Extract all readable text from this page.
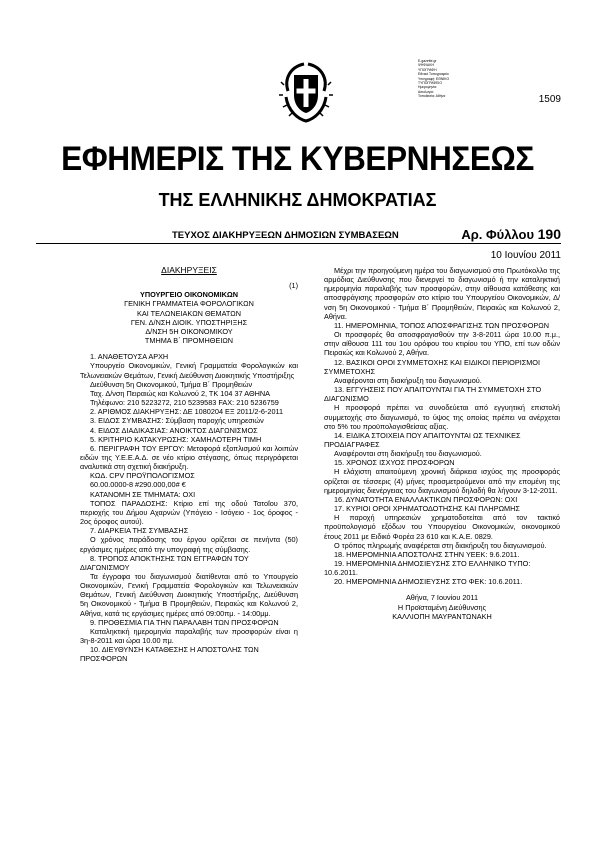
Ε-gazette.gr
ΨΗΦΙΑΚΗ
ΥΠΟΓΡΑΦΗ
Εθνικό Τυπογραφείο
Υπογραφή: ΕΘΝΙΚΟ
ΤΥΠΟΓΡΑΦΕΙΟ
Ημερομηνία:
Αιτιολογία:
Τοποθεσία: Αθήνα	1509
ΕΦΗΜΕΡΙΣ ΤΗΣ ΚΥΒΕΡΝΗΣΕΩΣ
ΤΗΣ ΕΛΛΗΝΙΚΗΣ ΔΗΜΟΚΡΑΤΙΑΣ
ΤΕΥΧΟΣ ΔΙΑΚΗΡΥΞΕΩΝ ΔΗΜΟΣΙΩΝ ΣΥΜΒΑΣΕΩΝ	Αρ. Φύλλου 190
10 Ιουνίου 2011

ΔΙΑΚΗΡΥΞΕΙΣ

(1)

ΥΠΟΥΡΓΕΙΟ ΟΙΚΟΝΟΜΙΚΩΝ
ΓΕΝΙΚΗ ΓΡΑΜΜΑΤΕΙΑ ΦΟΡΟΛΟΓΙΚΩΝ
ΚΑΙ ΤΕΛΩΝΕΙΑΚΩΝ ΘΕΜΑΤΩΝ
ΓΕΝ. Δ/ΝΣΗ ΔΙΟΙΚ. ΥΠΟΣΤΗΡΙΞΗΣ
Δ/ΝΣΗ 5Η ΟΙΚΟΝΟΜΙΚΟΥ
ΤΜΗΜΑ Β΄ ΠΡΟΜΗΘΕΙΩΝ

1. ΑΝΑΘΕΤΟΥΣΑ ΑΡΧΗ

Υπουργείο Οικονομικών, Γενική Γραμματεία Φορολογικών και Τελωνειακών Θεμάτων, Γενική Διεύθυνση Διοικητικής Υποστήριξης

Διεύθυνση 5η Οικονομικού, Τμήμα Β΄ Προμηθειών

Ταχ. Δ/νση Πειραιώς και Κολωνού 2, ΤΚ 104 37 ΑΘΗΝΑ

Τηλέφωνο: 210 5223272, 210 5239583 FAX: 210 5236759

2. ΑΡΙΘΜΟΣ ΔΙΑΚΗΡΥΞΗΣ: ΔΕ 1080204 ΕΞ 2011/2-6-2011

3. ΕΙΔΟΣ ΣΥΜΒΑΣΗΣ: Σύμβαση παροχής υπηρεσιών

4. ΕΙΔΟΣ ΔΙΑΔΙΚΑΣΙΑΣ: ΑΝΟΙΚΤΟΣ ΔΙΑΓΩΝΙΣΜΟΣ

5. ΚΡΙΤΗΡΙΟ ΚΑΤΑΚΥΡΩΣΗΣ: ΧΑΜΗΛΟΤΕΡΗ ΤΙΜΗ

6. ΠΕΡΙΓΡΑΦΗ ΤΟΥ ΕΡΓΟΥ: Μεταφορά εξοπλισμού και λοιπών ειδών της Υ.Ε.Ε.Α.Δ. σε νέο κτίριο στέγασης, όπως περιγράφεται αναλυτικά στη σχετική διακήρυξη.

ΚΩΔ. CPV ΠΡΟΫΠΟΛΟΓΙΣΜΟΣ

60.00.0000-8 #290.000,00# €

ΚΑΤΑΝΟΜΗ ΣΕ ΤΜΗΜΑΤΑ: ΟΧΙ

ΤΟΠΟΣ ΠΑΡΑΔΟΣΗΣ: Κτίριο επί της οδού Τατοΐου 370, περιοχής του Δήμου Αχαρνών (Υπόγειο - Ισόγειο - 1ος όροφος - 2ος όροφος αυτού).

7. ΔΙΑΡΚΕΙΑ ΤΗΣ ΣΥΜΒΑΣΗΣ

Ο χρόνος παράδοσης του έργου ορίζεται σε πενήντα (50) εργάσιμες ημέρες από την υπογραφή της σύμβασης.

8. ΤΡΟΠΟΣ ΑΠΟΚΤΗΣΗΣ ΤΩΝ ΕΓΓΡΑΦΩΝ ΤΟΥ ΔΙΑΓΩΝΙΣΜΟΥ

Τα έγγραφα του διαγωνισμού διατίθενται από το Υπουργείο Οικονομικών, Γενική Γραμματεία Φορολογικών και Τελωνειακών Θεμάτων, Γενική Διεύθυνση Διοικητικής Υποστήριξης, Διεύθυνση 5η Οικονομικού - Τμήμα Β Προμηθειών, Πειραιώς και Κολωνού 2, Αθήνα, κατά τις εργάσιμες ημέρες από 09:00πμ. - 14:00μμ.

9. ΠΡΟΘΕΣΜΙΑ ΓΙΑ ΤΗΝ ΠΑΡΑΛΑΒΗ ΤΩΝ ΠΡΟΣΦΟΡΩΝ

Καταληκτική ημερομηνία παραλαβής των προσφορών είναι η 3η-8-2011 και ώρα 10.00 πμ.

10. ΔΙΕΥΘΥΝΣΗ ΚΑΤΑΘΕΣΗΣ Η ΑΠΟΣΤΟΛΗΣ ΤΩΝ ΠΡΟΣΦΟΡΩΝ

Μέχρι την προηγούμενη ημέρα του διαγωνισμού στο Πρωτόκολλο της αρμόδιας Διεύθυνσης που διενεργεί το διαγωνισμό ή την καταληκτική ημερομηνία παραλαβής των προσφορών, στην αίθουσα κατάθεσης και αποσφράγισης προσφορών στο κτίριο του Υπουργείου Οικονομικών, Δ/νση 5η Οικονομικού - Τμήμα Β΄ Προμηθειών, Πειραιώς και Κολωνού 2, Αθήνα.

11. ΗΜΕΡΟΜΗΝΙΑ, ΤΟΠΟΣ ΑΠΟΣΦΡΑΓΙΣΗΣ ΤΩΝ ΠΡΟΣΦΟΡΩΝ

Οι προσφορές θα αποσφραγισθούν την 3-8-2011 ώρα 10.00 π.μ., στην αίθουσα 111 του 1ου ορόφου του κτιρίου του ΥΠΟ, επί των οδών Πειραιώς και Κολωνού 2, Αθήνα.

12. ΒΑΣΙΚΟΙ ΟΡΟΙ ΣΥΜΜΕΤΟΧΗΣ ΚΑΙ ΕΙΔΙΚΟΙ ΠΕΡΙΟΡΙΣΜΟΙ ΣΥΜΜΕΤΟΧΗΣ

Αναφέρονται στη διακήρυξη του διαγωνισμού.

13. ΕΓΓΥΗΣΕΙΣ ΠΟΥ ΑΠΑΙΤΟΥΝΤΑΙ ΓΙΑ ΤΗ ΣΥΜΜΕΤΟΧΗ ΣΤΟ ΔΙΑΓΩΝΙΣΜΟ

Η προσφορά πρέπει να συνοδεύεται από εγγυητική επιστολή συμμετοχής στο διαγωνισμό, το ύψος της οποίας πρέπει να ανέρχεται στο 5% του προϋπολογισθείσας αξίας.

14. ΕΙΔΙΚΑ ΣΤΟΙΧΕΙΑ ΠΟΥ ΑΠΑΙΤΟΥΝΤΑΙ ΩΣ ΤΕΧΝΙΚΕΣ ΠΡΟΔΙΑΓΡΑΦΕΣ

Αναφέρονται στη διακήρυξη του διαγωνισμού.

15. ΧΡΟΝΟΣ ΙΣΧΥΟΣ ΠΡΟΣΦΟΡΩΝ

Η ελάχιστη απαιτούμενη χρονική διάρκεια ισχύος της προσφοράς ορίζεται σε τέσσερις (4) μήνες προσμετρούμενοι από την επομένη της ημερομηνίας διενέργειας του διαγωνισμού δηλαδή θα λήγουν 3-12-2011.

16. ΔΥΝΑΤΟΤΗΤΑ ΕΝΑΛΛΑΚΤΙΚΩΝ ΠΡΟΣΦΟΡΩΝ: ΟΧΙ

17. ΚΥΡΙΟΙ ΟΡΟΙ ΧΡΗΜΑΤΟΔΟΤΗΣΗΣ ΚΑΙ ΠΛΗΡΩΜΗΣ

Η παροχή υπηρεσιών χρηματοδοτείται από τον τακτικό προϋπολογισμό εξόδων του Υπουργείου Οικονομικών, οικονομικού έτους 2011 με Ειδικό Φορέα 23 610 και Κ.Α.Ε. 0829.

Ο τρόπος πληρωμής αναφέρεται στη διακήρυξη του διαγωνισμού.

18. ΗΜΕΡΟΜΗΝΙΑ ΑΠΟΣΤΟΛΗΣ ΣΤΗΝ ΥΕΕΚ: 9.6.2011.

19. ΗΜΕΡΟΜΗΝΙΑ ΔΗΜΟΣΙΕΥΣΗΣ ΣΤΟ ΕΛΛΗΝΙΚΟ ΤΥΠΟ: 10.6.2011.

20. ΗΜΕΡΟΜΗΝΙΑ ΔΗΜΟΣΙΕΥΣΗΣ ΣΤΟ ΦΕΚ: 10.6.2011.

Αθήνα, 7 Ιουνίου 2011

Η Προϊσταμένη Διεύθυνσης

ΚΑΛΛΙΟΠΗ ΜΑΥΡΑΝΤΩΝΑΚΗ
